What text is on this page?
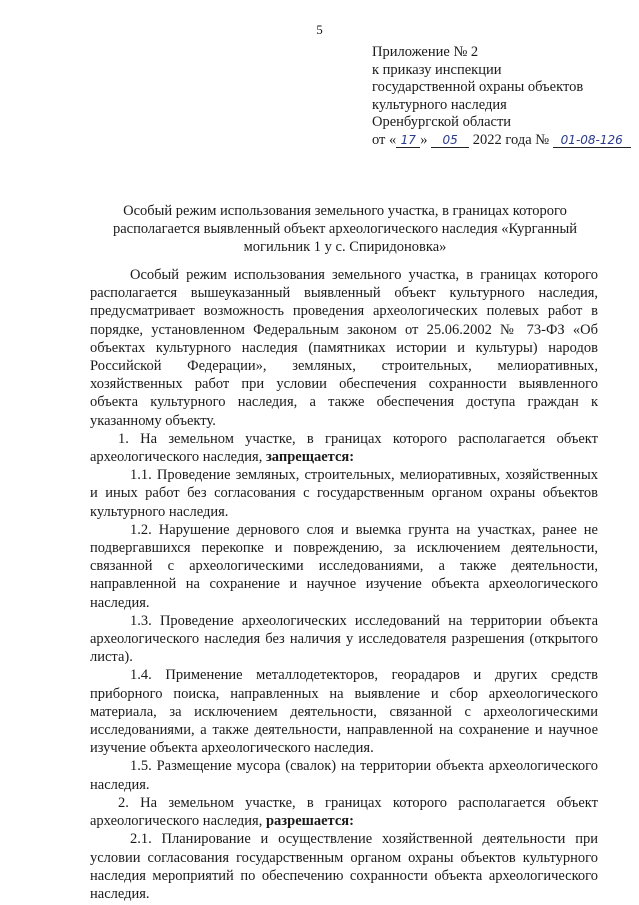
5
Приложение № 2
к приказу инспекции
государственной охраны объектов
культурного наследия
Оренбургской области
от « 17 » 05 2022 года № 01-08-126
Особый режим использования земельного участка, в границах которого располагается выявленный объект археологического наследия «Курганный могильник 1 у с. Спиридоновка»

Особый режим использования земельного участка, в границах которого располагается вышеуказанный выявленный объект культурного наследия, предусматривает возможность проведения археологических полевых работ в порядке, установленном Федеральным законом от 25.06.2002 № 73-ФЗ «Об объектах культурного наследия (памятниках истории и культуры) народов Российской Федерации», земляных, строительных, мелиоративных, хозяйственных работ при условии обеспечения сохранности выявленного объекта культурного наследия, а также обеспечения доступа граждан к указанному объекту.

1. На земельном участке, в границах которого располагается объект археологического наследия, запрещается:

1.1. Проведение земляных, строительных, мелиоративных, хозяйственных и иных работ без согласования с государственным органом охраны объектов культурного наследия.

1.2. Нарушение дернового слоя и выемка грунта на участках, ранее не подвергавшихся перекопке и повреждению, за исключением деятельности, связанной с археологическими исследованиями, а также деятельности, направленной на сохранение и научное изучение объекта археологического наследия.

1.3. Проведение археологических исследований на территории объекта археологического наследия без наличия у исследователя разрешения (открытого листа).

1.4. Применение металлодетекторов, георадаров и других средств приборного поиска, направленных на выявление и сбор археологического материала, за исключением деятельности, связанной с археологическими исследованиями, а также деятельности, направленной на сохранение и научное изучение объекта археологического наследия.

1.5. Размещение мусора (свалок) на территории объекта археологического наследия.

2. На земельном участке, в границах которого располагается объект археологического наследия, разрешается:

2.1. Планирование и осуществление хозяйственной деятельности при условии согласования государственным органом охраны объектов культурного наследия мероприятий по обеспечению сохранности объекта археологического наследия.
